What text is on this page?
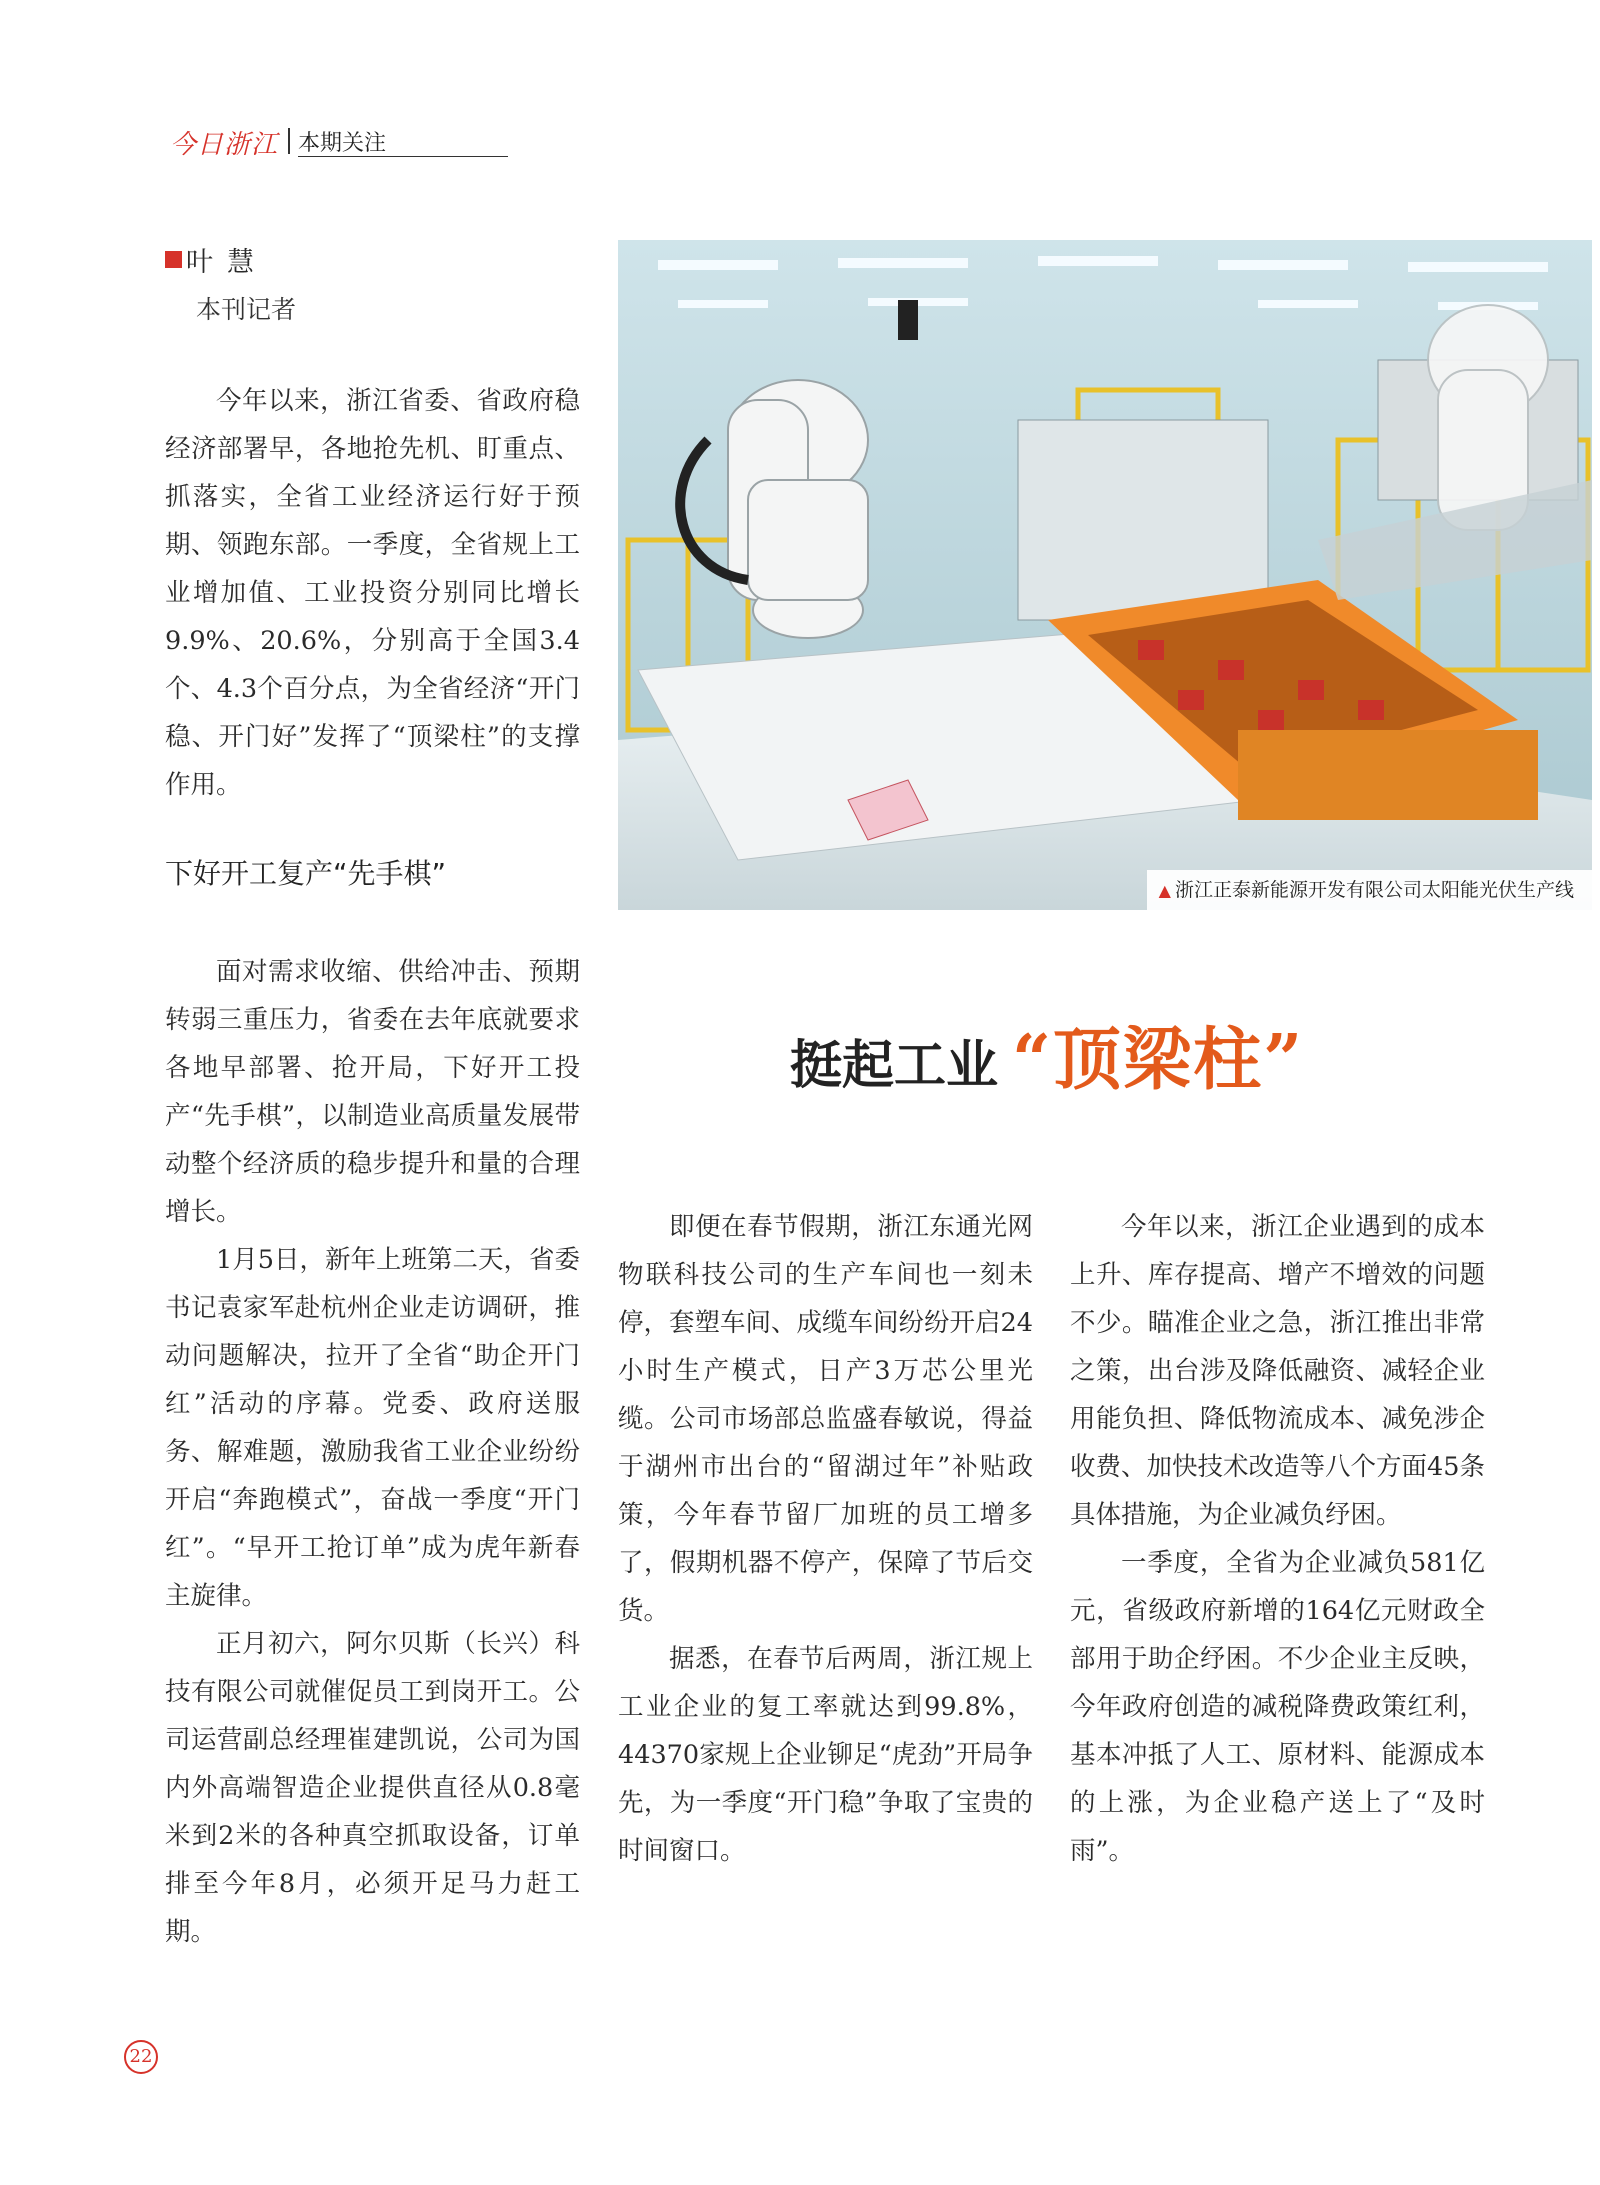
今日浙江 本期关注
叶慧
本刊记者

今年以来，浙江省委、省政府稳经济部署早，各地抢先机、盯重点、抓落实，全省工业经济运行好于预期、领跑东部。一季度，全省规上工业增加值、工业投资分别同比增长9.9%、20.6%，分别高于全国3.4个、4.3个百分点，为全省经济“开门稳、开门好”发挥了“顶梁柱”的支撑作用。

下好开工复产“先手棋”

面对需求收缩、供给冲击、预期转弱三重压力，省委在去年底就要求各地早部署、抢开局，下好开工投产“先手棋”，以制造业高质量发展带动整个经济质的稳步提升和量的合理增长。

1月5日，新年上班第二天，省委书记袁家军赴杭州企业走访调研，推动问题解决，拉开了全省“助企开门红”活动的序幕。党委、政府送服务、解难题，激励我省工业企业纷纷开启“奔跑模式”，奋战一季度“开门红”。“早开工抢订单”成为虎年新春主旋律。

正月初六，阿尔贝斯（长兴）科技有限公司就催促员工到岗开工。公司运营副总经理崔建凯说，公司为国内外高端智造企业提供直径从0.8毫米到2米的各种真空抓取设备，订单排至今年8月，必须开足马力赶工期。

▲ 浙江正泰新能源开发有限公司太阳能光伏生产线
挺起工业 “顶梁柱”

即便在春节假期，浙江东通光网物联科技公司的生产车间也一刻未停，套塑车间、成缆车间纷纷开启24小时生产模式，日产3万芯公里光缆。公司市场部总监盛春敏说，得益于湖州市出台的“留湖过年”补贴政策，今年春节留厂加班的员工增多了，假期机器不停产，保障了节后交货。

据悉，在春节后两周，浙江规上工业企业的复工率就达到99.8%，44370家规上企业铆足“虎劲”开局争先，为一季度“开门稳”争取了宝贵的时间窗口。

今年以来，浙江企业遇到的成本上升、库存提高、增产不增效的问题不少。瞄准企业之急，浙江推出非常之策，出台涉及降低融资、减轻企业用能负担、降低物流成本、减免涉企收费、加快技术改造等八个方面45条具体措施，为企业减负纾困。

一季度，全省为企业减负581亿元，省级政府新增的164亿元财政全部用于助企纾困。不少企业主反映，今年政府创造的减税降费政策红利，基本冲抵了人工、原材料、能源成本的上涨，为企业稳产送上了“及时雨”。

22
